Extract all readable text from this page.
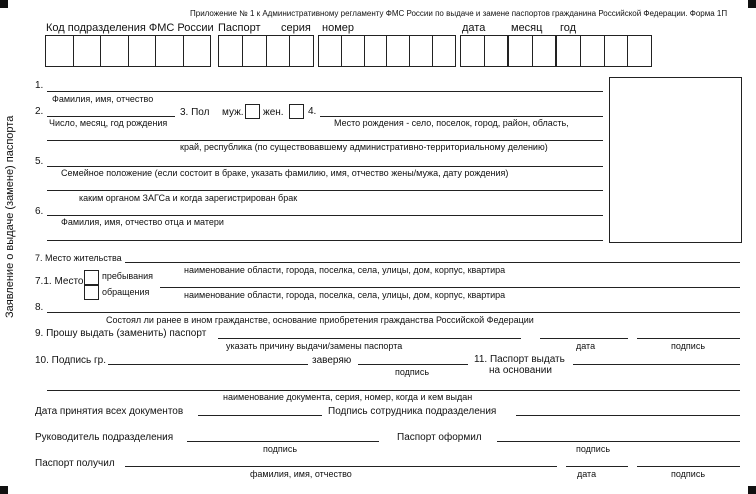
Приложение № 1 к Административному регламенту ФМС России по выдаче и замене паспортов гражданина Российской Федерации. Форма 1П
Код подразделения ФМС России Паспорт серия номер	дата месяц год
Заявление о выдаче (замене) паспорта
1.
Фамилия, имя, отчество
2.
Число, месяц, год рождения
3. Пол муж. жен. 4.
Место рождения - село, поселок, город, район, область,
край, республика (по существовавшему административно-территориальному делению)
5.
Семейное положение (если состоит в браке, указать фамилию, имя, отчество жены/мужа, дату рождения)
каким органом ЗАГСа и когда зарегистрирован брак
6.
Фамилия, имя, отчество отца и матери
7. Место жительства
наименование области, города, поселка, села, улицы, дом, корпус, квартира
7.1. Место пребывания
обращения	наименование области, города, поселка, села, улицы, дом, корпус, квартира
8.
Состоял ли ранее в ином гражданстве, основание приобретения гражданства Российской Федерации
9. Прошу выдать (заменить) паспорт
указать причину выдачи/замены паспорта	дата	подпись
10. Подпись гр.	заверяю
подпись
11. Паспорт выдать
на основании
наименование документа, серия, номер, когда и кем выдан
Дата принятия всех документов	Подпись сотрудника подразделения
Руководитель подразделения
подпись
Паспорт оформил
подпись
Паспорт получил
фамилия, имя, отчество	дата	подпись
